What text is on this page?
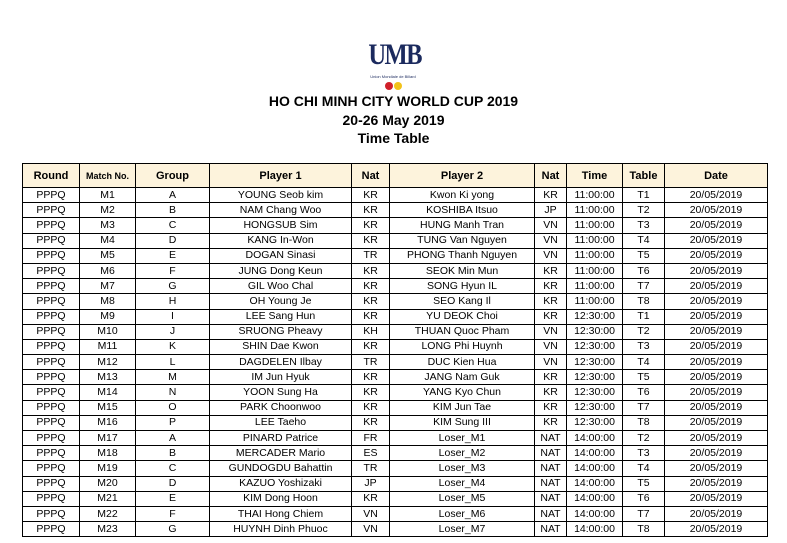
UMB
Union Mondiale de Billard
HO CHI MINH CITY WORLD CUP 2019
20-26 May 2019
Time Table
Round	Match No.	Group	Player 1	Nat	Player 2	Nat	Time	Table	Date
PPPQ	M1	A	YOUNG Seob kim	KR	Kwon Ki yong	KR	11:00:00	T1	20/05/2019
PPPQ	M2	B	NAM Chang Woo	KR	KOSHIBA Itsuo	JP	11:00:00	T2	20/05/2019
PPPQ	M3	C	HONGSUB Sim	KR	HUNG Manh Tran	VN	11:00:00	T3	20/05/2019
PPPQ	M4	D	KANG In-Won	KR	TUNG Van Nguyen	VN	11:00:00	T4	20/05/2019
PPPQ	M5	E	DOGAN Sinasi	TR	PHONG Thanh Nguyen	VN	11:00:00	T5	20/05/2019
PPPQ	M6	F	JUNG Dong Keun	KR	SEOK Min Mun	KR	11:00:00	T6	20/05/2019
PPPQ	M7	G	GIL Woo Chal	KR	SONG Hyun IL	KR	11:00:00	T7	20/05/2019
PPPQ	M8	H	OH Young Je	KR	SEO Kang Il	KR	11:00:00	T8	20/05/2019
PPPQ	M9	I	LEE Sang Hun	KR	YU DEOK Choi	KR	12:30:00	T1	20/05/2019
PPPQ	M10	J	SRUONG Pheavy	KH	THUAN Quoc Pham	VN	12:30:00	T2	20/05/2019
PPPQ	M11	K	SHIN Dae Kwon	KR	LONG Phi Huynh	VN	12:30:00	T3	20/05/2019
PPPQ	M12	L	DAGDELEN Ilbay	TR	DUC Kien Hua	VN	12:30:00	T4	20/05/2019
PPPQ	M13	M	IM Jun Hyuk	KR	JANG Nam Guk	KR	12:30:00	T5	20/05/2019
PPPQ	M14	N	YOON Sung Ha	KR	YANG Kyo Chun	KR	12:30:00	T6	20/05/2019
PPPQ	M15	O	PARK Choonwoo	KR	KIM Jun Tae	KR	12:30:00	T7	20/05/2019
PPPQ	M16	P	LEE Taeho	KR	KIM Sung III	KR	12:30:00	T8	20/05/2019
PPPQ	M17	A	PINARD Patrice	FR	Loser_M1	NAT	14:00:00	T2	20/05/2019
PPPQ	M18	B	MERCADER Mario	ES	Loser_M2	NAT	14:00:00	T3	20/05/2019
PPPQ	M19	C	GUNDOGDU Bahattin	TR	Loser_M3	NAT	14:00:00	T4	20/05/2019
PPPQ	M20	D	KAZUO Yoshizaki	JP	Loser_M4	NAT	14:00:00	T5	20/05/2019
PPPQ	M21	E	KIM Dong Hoon	KR	Loser_M5	NAT	14:00:00	T6	20/05/2019
PPPQ	M22	F	THAI Hong Chiem	VN	Loser_M6	NAT	14:00:00	T7	20/05/2019
PPPQ	M23	G	HUYNH Dinh Phuoc	VN	Loser_M7	NAT	14:00:00	T8	20/05/2019
